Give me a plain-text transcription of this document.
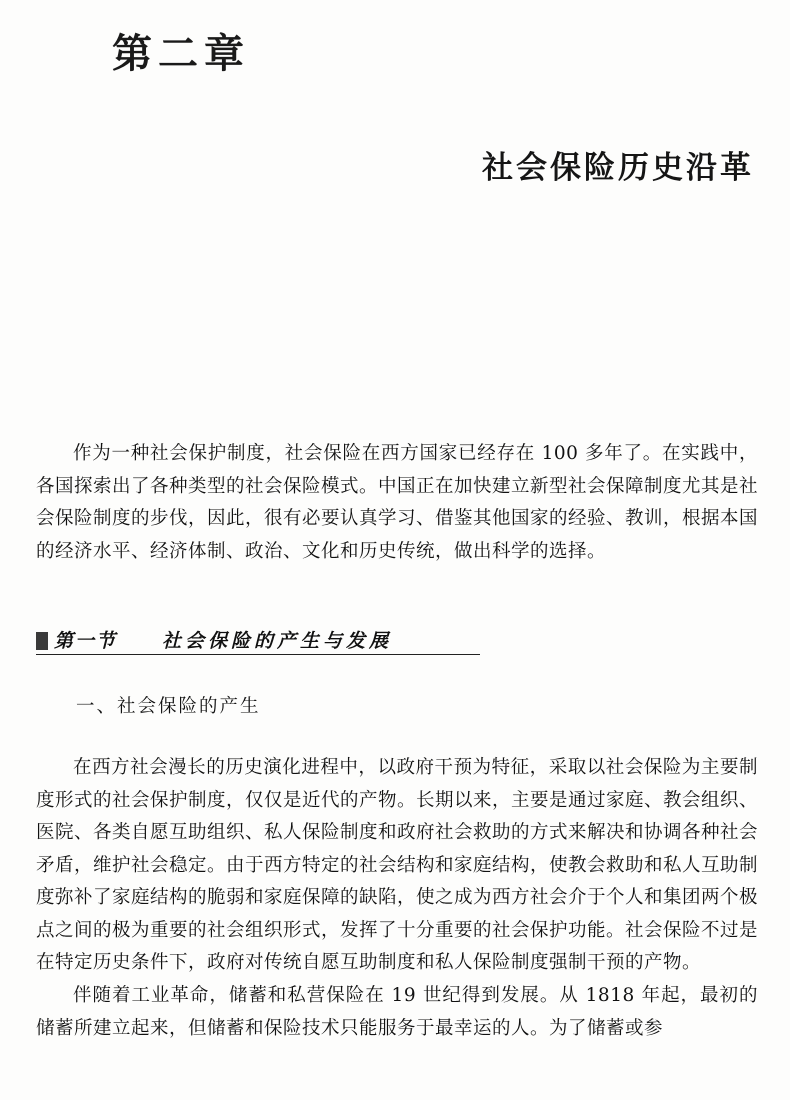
第二章
社会保险历史沿革

作为一种社会保护制度，社会保险在西方国家已经存在 100 多年了。在实践中，各国探索出了各种类型的社会保险模式。中国正在加快建立新型社会保障制度尤其是社会保险制度的步伐，因此，很有必要认真学习、借鉴其他国家的经验、教训，根据本国的经济水平、经济体制、政治、文化和历史传统，做出科学的选择。

第一节 社会保险的产生与发展
一、社会保险的产生

在西方社会漫长的历史演化进程中，以政府干预为特征，采取以社会保险为主要制度形式的社会保护制度，仅仅是近代的产物。长期以来，主要是通过家庭、教会组织、医院、各类自愿互助组织、私人保险制度和政府社会救助的方式来解决和协调各种社会矛盾，维护社会稳定。由于西方特定的社会结构和家庭结构，使教会救助和私人互助制度弥补了家庭结构的脆弱和家庭保障的缺陷，使之成为西方社会介于个人和集团两个极点之间的极为重要的社会组织形式，发挥了十分重要的社会保护功能。社会保险不过是在特定历史条件下，政府对传统自愿互助制度和私人保险制度强制干预的产物。

伴随着工业革命，储蓄和私营保险在 19 世纪得到发展。从 1818 年起，最初的储蓄所建立起来，但储蓄和保险技术只能服务于最幸运的人。为了储蓄或参
